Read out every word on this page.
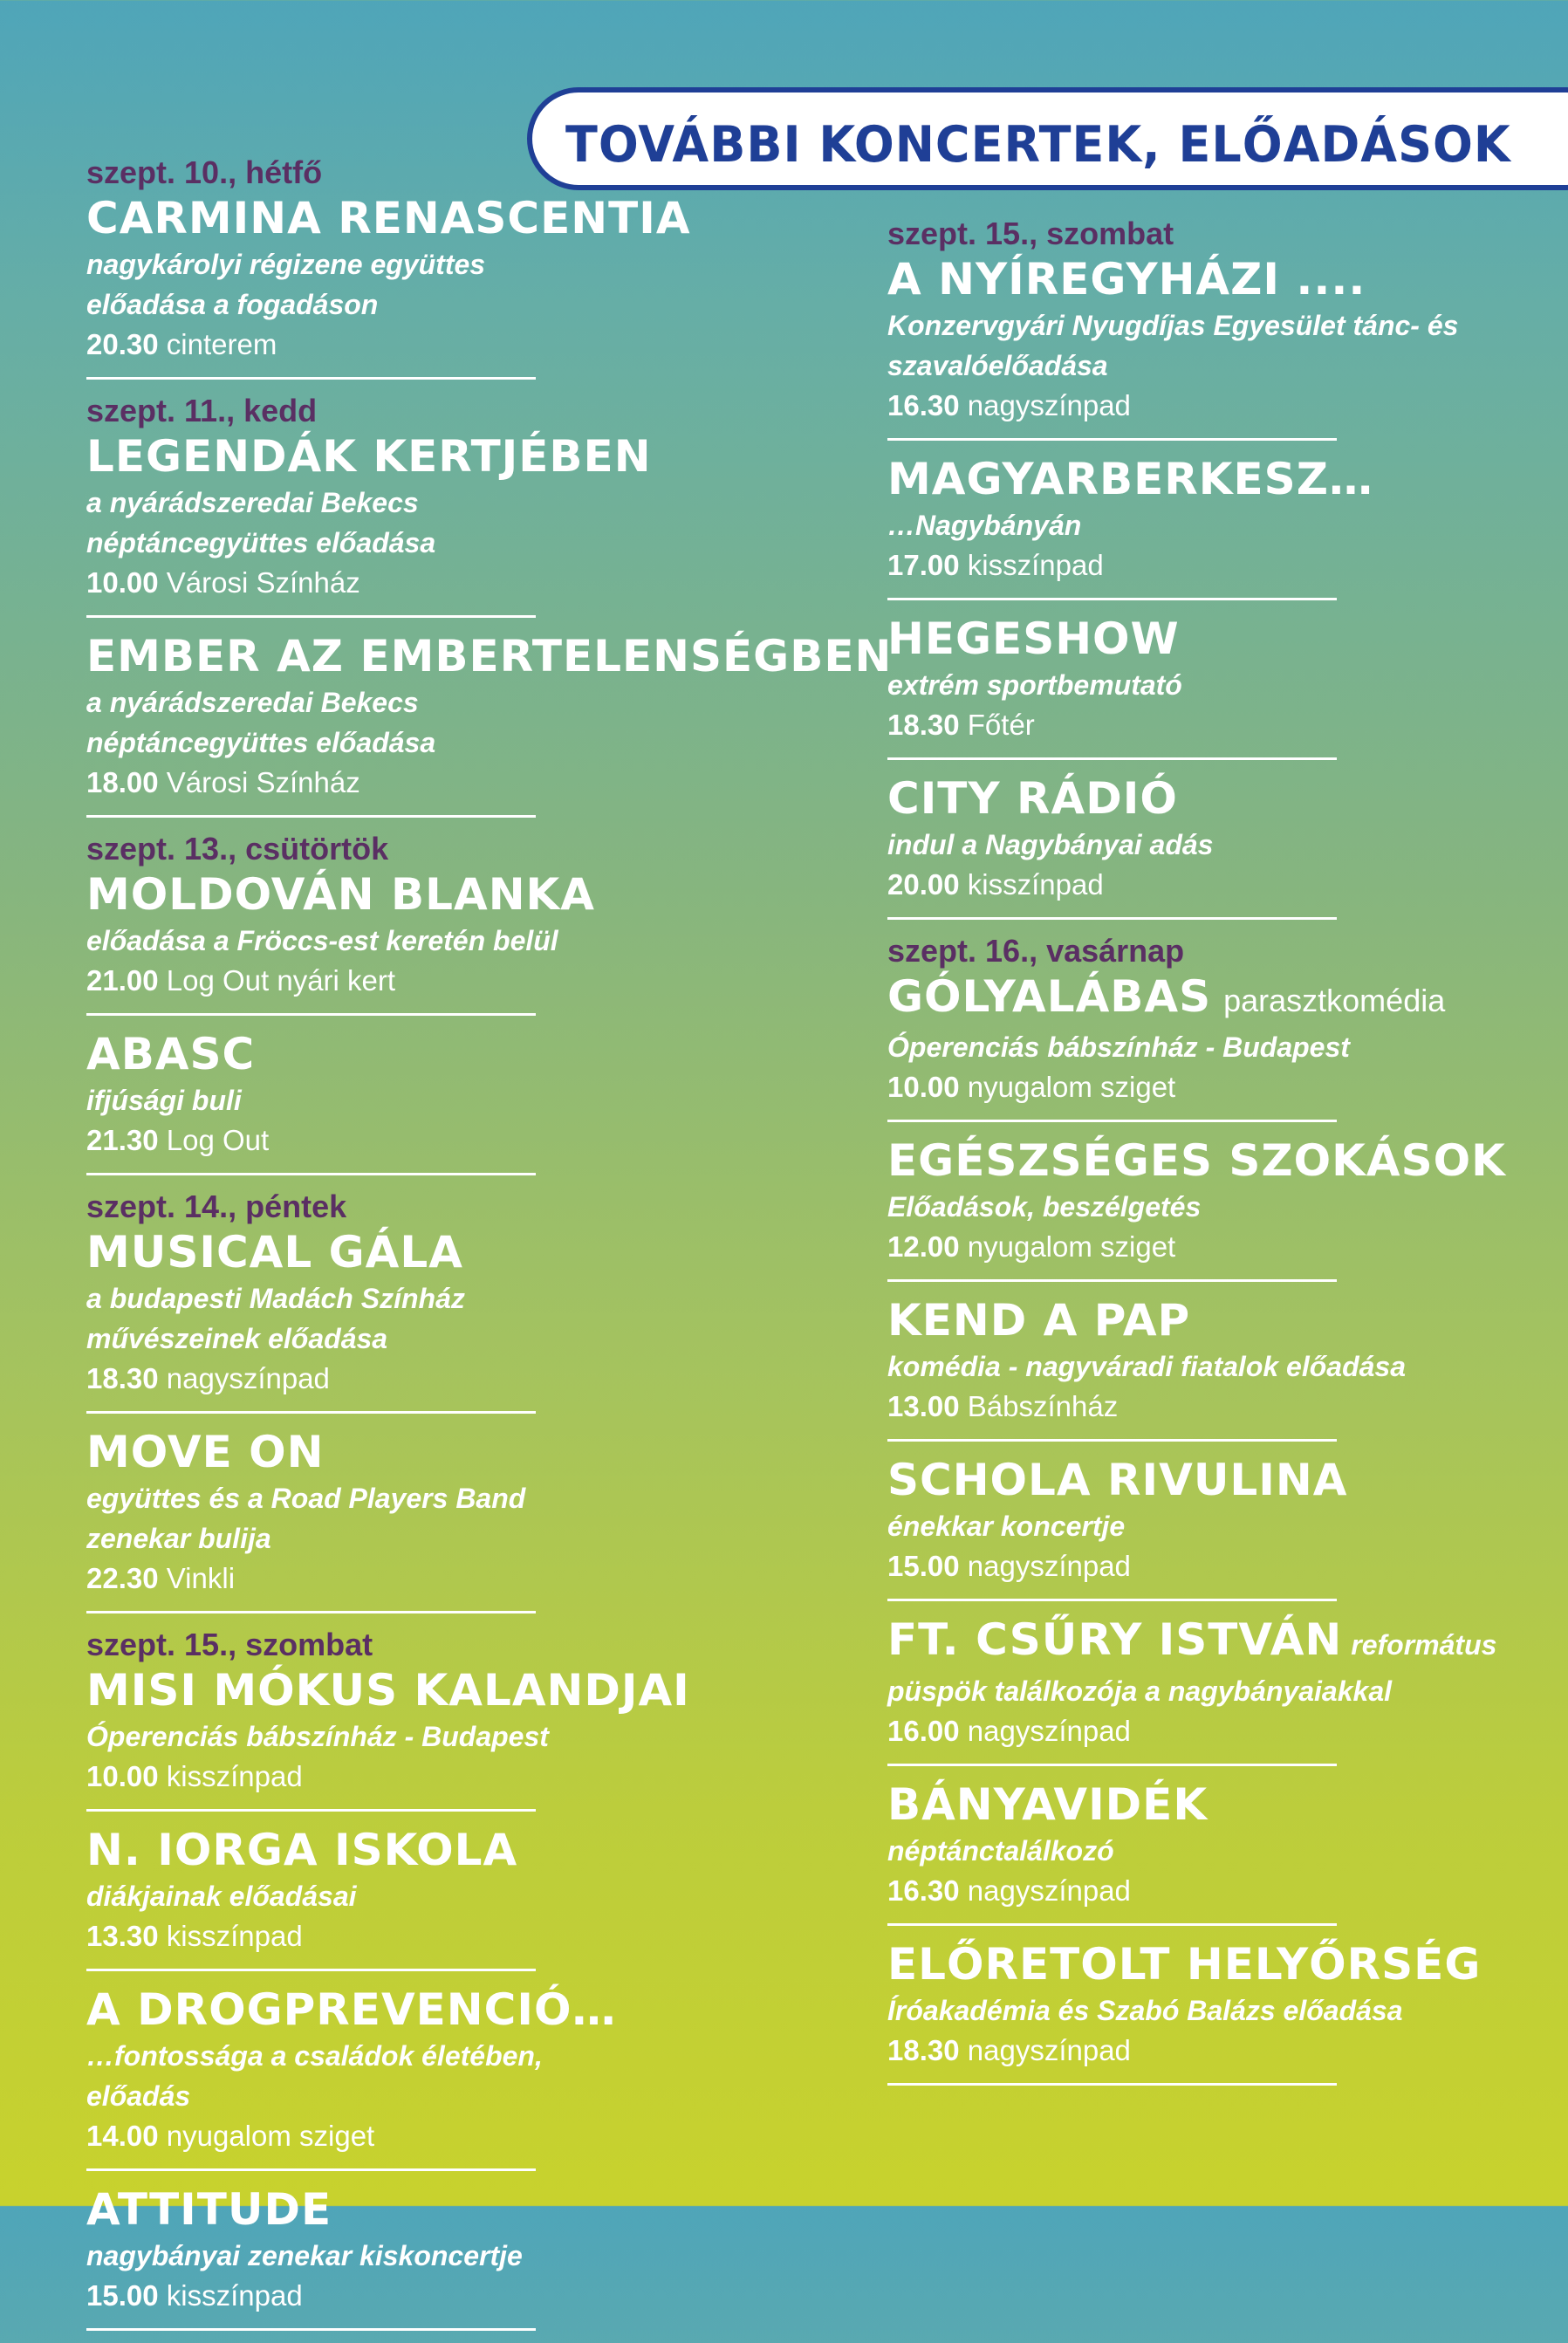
TOVÁBBI KONCERTEK, ELŐADÁSOK
szept. 10., hétfő
CARMINA RENASCENTIA
nagykárolyi régizene együttes előadása a fogadáson
20.30 cinterem
szept. 11., kedd
LEGENDÁK KERTJÉBEN
a nyárádszeredai Bekecs néptáncegyüttes előadása
10.00 Városi Színház
EMBER AZ EMBERTELENSÉGBEN
a nyárádszeredai Bekecs néptáncegyüttes előadása
18.00 Városi Színház
szept. 13., csütörtök
MOLDOVÁN BLANKA
előadása a Fröccs-est keretén belül
21.00 Log Out nyári kert
ABASC
ifjúsági buli
21.30 Log Out
szept. 14., péntek
MUSICAL GÁLA
a budapesti Madách Színház művészeinek előadása
18.30 nagyszínpad
MOVE ON
együttes és a Road Players Band zenekar bulija
22.30 Vinkli
szept. 15., szombat
MISI MÓKUS KALANDJAI
Óperenciás bábszínház - Budapest
10.00 kisszínpad
N. IORGA ISKOLA
diákjainak előadásai
13.30 kisszínpad
A DROGPREVENCIÓ…
…fontossága a családok életében, előadás
14.00 nyugalom sziget
ATTITUDE
nagybányai zenekar kiskoncertje
15.00 kisszínpad
szept. 15., szombat
A NYÍREGYHÁZI ....
Konzervgyári Nyugdíjas Egyesület tánc- és
szavalóelőadása
16.30 nagyszínpad
MAGYARBERKESZ…
…Nagybányán
17.00 kisszínpad
HEGESHOW
extrém sportbemutató
18.30 Főtér
CITY RÁDIÓ
indul a Nagybányai adás
20.00 kisszínpad
szept. 16., vasárnap
GÓLYALÁBAS parasztkomédia
Óperenciás bábszínház - Budapest
10.00 nyugalom sziget
EGÉSZSÉGES SZOKÁSOK
Előadások, beszélgetés
12.00 nyugalom sziget
KEND A PAP
komédia - nagyváradi fiatalok előadása
13.00 Bábszínház
SCHOLA RIVULINA
énekkar koncertje
15.00 nagyszínpad
FT. CSŰRY ISTVÁN református
püspök találkozója a nagybányaiakkal
16.00 nagyszínpad
BÁNYAVIDÉK
néptánctalálkozó
16.30 nagyszínpad
ELŐRETOLT HELYŐRSÉG
Íróakadémia és Szabó Balázs előadása
18.30 nagyszínpad
